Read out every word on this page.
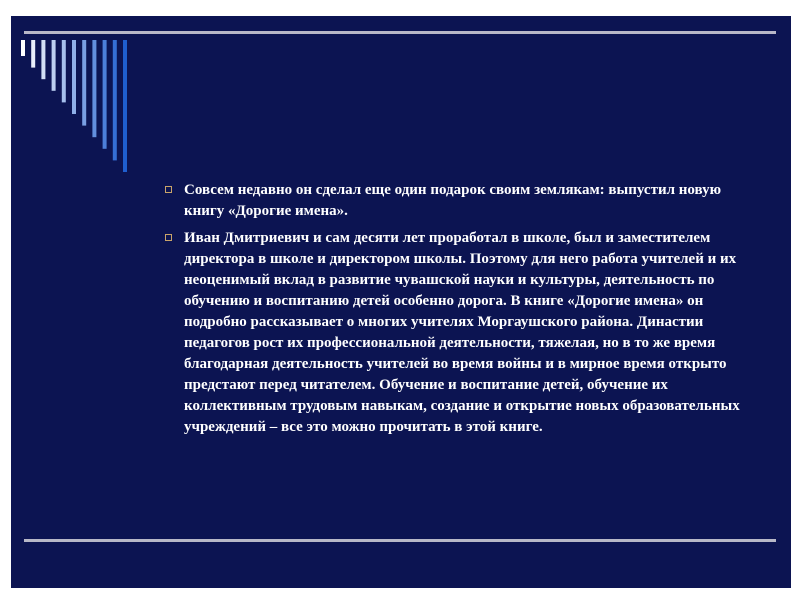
Совсем недавно он сделал еще один подарок своим землякам: выпустил новую книгу «Дорогие имена».
Иван Дмитриевич и сам десяти лет проработал в школе, был и заместителем директора в школе и директором школы. Поэтому для него работа учителей и их неоценимый вклад в развитие чувашской науки и культуры, деятельность по обучению и воспитанию детей особенно дорога. В книге «Дорогие имена» он подробно рассказывает о многих учителях Моргаушского района. Династии педагогов рост их профессиональной деятельности, тяжелая, но в то же время благодарная деятельность учителей во время войны и в мирное время открыто предстают перед читателем. Обучение и воспитание детей, обучение их коллективным трудовым навыкам, создание и открытие новых образовательных учреждений – все это можно прочитать в этой книге.
